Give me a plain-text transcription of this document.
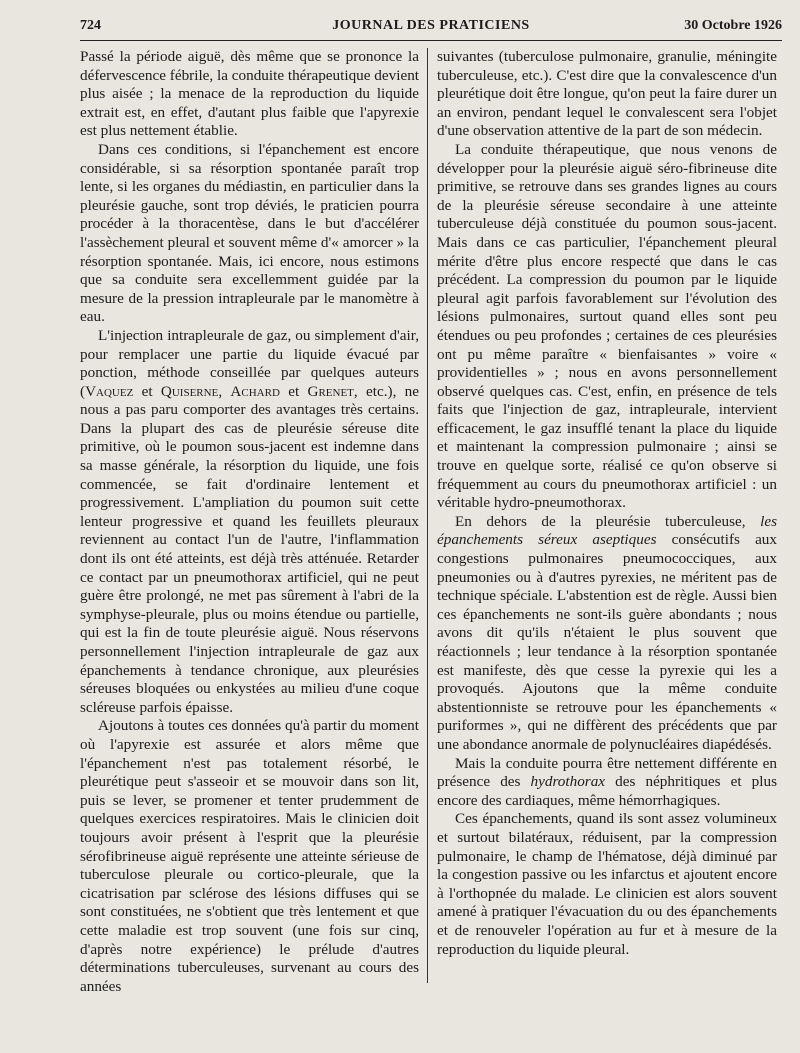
724	JOURNAL DES PRATICIENS	30 Octobre 1926

Passé la période aiguë, dès même que se prononce la défervescence fébrile, la conduite thérapeutique devient plus aisée ; la menace de la reproduction du liquide extrait est, en effet, d'autant plus faible que l'apyrexie est plus nettement établie.

Dans ces conditions, si l'épanchement est encore considérable, si sa résorption spontanée paraît trop lente, si les organes du médiastin, en particulier dans la pleurésie gauche, sont trop déviés, le praticien pourra procéder à la thoracentèse, dans le but d'accélérer l'assèchement pleural et souvent même d'« amorcer » la résorption spontanée. Mais, ici encore, nous estimons que sa conduite sera excellemment guidée par la mesure de la pression intrapleurale par le manomètre à eau.

L'injection intrapleurale de gaz, ou simplement d'air, pour remplacer une partie du liquide évacué par ponction, méthode conseillée par quelques auteurs (Vaquez et Quiserne, Achard et Grenet, etc.), ne nous a pas paru comporter des avantages très certains. Dans la plupart des cas de pleurésie séreuse dite primitive, où le poumon sous-jacent est indemne dans sa masse générale, la résorption du liquide, une fois commencée, se fait d'ordinaire lentement et progressivement. L'ampliation du poumon suit cette lenteur progressive et quand les feuillets pleuraux reviennent au contact l'un de l'autre, l'inflammation dont ils ont été atteints, est déjà très atténuée. Retarder ce contact par un pneumothorax artificiel, qui ne peut guère être prolongé, ne met pas sûrement à l'abri de la symphyse-pleurale, plus ou moins étendue ou partielle, qui est la fin de toute pleurésie aiguë. Nous réservons personnellement l'injection intrapleurale de gaz aux épanchements à tendance chronique, aux pleurésies séreuses bloquées ou enkystées au milieu d'une coque scléreuse parfois épaisse.

Ajoutons à toutes ces données qu'à partir du moment où l'apyrexie est assurée et alors même que l'épanchement n'est pas totalement résorbé, le pleurétique peut s'asseoir et se mouvoir dans son lit, puis se lever, se promener et tenter prudemment de quelques exercices respiratoires. Mais le clinicien doit toujours avoir présent à l'esprit que la pleurésie sérofibrineuse aiguë représente une atteinte sérieuse de tuberculose pleurale ou cortico-pleurale, que la cicatrisation par sclérose des lésions diffuses qui se sont constituées, ne s'obtient que très lentement et que cette maladie est trop souvent (une fois sur cinq, d'après notre expérience) le prélude d'autres déterminations tuberculeuses, survenant au cours des années

suivantes (tuberculose pulmonaire, granulie, méningite tuberculeuse, etc.). C'est dire que la convalescence d'un pleurétique doit être longue, qu'on peut la faire durer un an environ, pendant lequel le convalescent sera l'objet d'une observation attentive de la part de son médecin.

La conduite thérapeutique, que nous venons de développer pour la pleurésie aiguë séro-fibrineuse dite primitive, se retrouve dans ses grandes lignes au cours de la pleurésie séreuse secondaire à une atteinte tuberculeuse déjà constituée du poumon sous-jacent. Mais dans ce cas particulier, l'épanchement pleural mérite d'être plus encore respecté que dans le cas précédent. La compression du poumon par le liquide pleural agit parfois favorablement sur l'évolution des lésions pulmonaires, surtout quand elles sont peu étendues ou peu profondes ; certaines de ces pleurésies ont pu même paraître « bienfaisantes » voire « providentielles » ; nous en avons personnellement observé quelques cas. C'est, enfin, en présence de tels faits que l'injection de gaz, intrapleurale, intervient efficacement, le gaz insufflé tenant la place du liquide et maintenant la compression pulmonaire ; ainsi se trouve en quelque sorte, réalisé ce qu'on observe si fréquemment au cours du pneumothorax artificiel : un véritable hydro-pneumothorax.

En dehors de la pleurésie tuberculeuse, les épanchements séreux aseptiques consécutifs aux congestions pulmonaires pneumococciques, aux pneumonies ou à d'autres pyrexies, ne méritent pas de technique spéciale. L'abstention est de règle. Aussi bien ces épanchements ne sont-ils guère abondants ; nous avons dit qu'ils n'étaient le plus souvent que réactionnels ; leur tendance à la résorption spontanée est manifeste, dès que cesse la pyrexie qui les a provoqués. Ajoutons que la même conduite abstentionniste se retrouve pour les épanchements « puriformes », qui ne diffèrent des précédents que par une abondance anormale de polynucléaires diapédésés.

Mais la conduite pourra être nettement différente en présence des hydrothorax des néphritiques et plus encore des cardiaques, même hémorrhagiques.

Ces épanchements, quand ils sont assez volumineux et surtout bilatéraux, réduisent, par la compression pulmonaire, le champ de l'hématose, déjà diminué par la congestion passive ou les infarctus et ajoutent encore à l'orthopnée du malade. Le clinicien est alors souvent amené à pratiquer l'évacuation du ou des épanchements et de renouveler l'opération au fur et à mesure de la reproduction du liquide pleural.
